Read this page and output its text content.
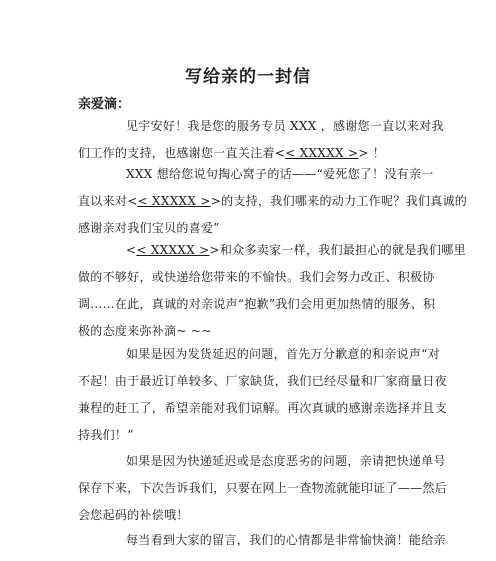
写给亲的一封信
亲爱滴：
见宇安好！我是您的服务专员 XXX ，感谢您一直以来对我
们工作的支持，也感谢您一直关注着<< XXXXX >> ！
XXX 想给您说句掏心窝子的话——“爱死您了！没有亲一
直以来对<< XXXXX >>的支持，我们哪来的动力工作呢？我们真诚的
感谢亲对我们宝贝的喜爱”
<< XXXXX >>和众多卖家一样，我们最担心的就是我们哪里
做的不够好，或快递给您带来的不愉快。我们会努力改正、积极协
调……在此，真诚的对亲说声“抱歉”我们会用更加热情的服务、积
极的态度来弥补滴~ ~~
如果是因为发货延迟的问题，首先万分歉意的和亲说声“对
不起！由于最近订单较多、厂家缺货，我们已经尽量和厂家商量日夜
兼程的赶工了，希望亲能对我们谅解。再次真诚的感谢亲选择并且支
持我们！”
如果是因为快递延迟或是态度恶劣的问题，亲请把快递单号
保存下来，下次告诉我们，只要在网上一查物流就能印证了——然后
会您起码的补偿哦！
每当看到大家的留言，我们的心情都是非常愉快滴！能给亲
